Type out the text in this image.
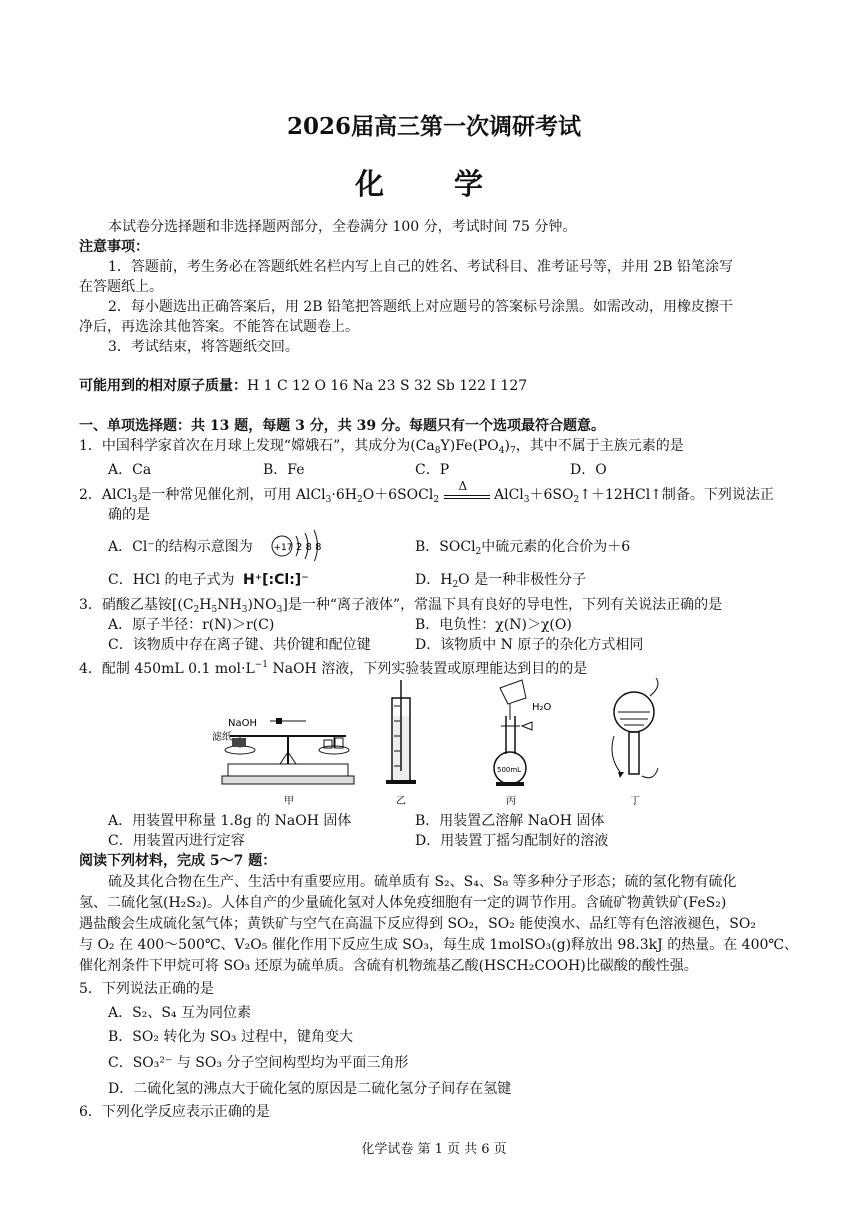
2026届高三第一次调研考试
化 学
本试卷分选择题和非选择题两部分，全卷满分 100 分，考试时间 75 分钟。
注意事项：
1．答题前，考生务必在答题纸姓名栏内写上自己的姓名、考试科目、准考证号等，并用 2B 铅笔涂写
在答题纸上。
2．每小题选出正确答案后，用 2B 铅笔把答题纸上对应题号的答案标号涂黑。如需改动，用橡皮擦干
净后，再选涂其他答案。不能答在试题卷上。
3．考试结束，将答题纸交回。
可能用到的相对原子质量：H 1 C 12 O 16 Na 23 S 32 Sb 122 I 127
一、单项选择题：共 13 题，每题 3 分，共 39 分。每题只有一个选项最符合题意。
1．中国科学家首次在月球上发现“嫦娥石”，其成分为$(Ca_8Y)Fe(PO_4)_7$，其中不属于主族元素的是
A．Ca	B．Fe	C．P	D．O
2．AlCl$_3$是一种常见催化剂，可用 $AlCl_3\cdot 6H_2O+6SOCl_2$
Δ
$AlCl_3+6SO_2↑+12HCl↑$制备。下列说法正
确的是
A．Cl⁻的结构示意图为 +17 2 8 8	B．SOCl$_2$中硫元素的化合价为＋6
C．HCl 的电子式为 H⁺[:Cl:]⁻	D．$H_2O$ 是一种非极性分子
3．硝酸乙基铵$[(C_2H_5NH_3)NO_3]$是一种“离子液体”，常温下具有良好的导电性，下列有关说法正确的是
A．原子半径：r(N)＞r(C)	B．电负性：χ(N)＞χ(O)
C．该物质中存在离子键、共价键和配位键	D．该物质中 N 原子的杂化方式相同
4．配制 450mL 0.1 $mol\cdot L^{-1}$ NaOH 溶液，下列实验装置或原理能达到目的的是
NaOH
滤纸
甲	乙
H₂O
500mL
丙	丁
A．用装置甲称量 1.8g 的 NaOH 固体	B．用装置乙溶解 NaOH 固体
C．用装置丙进行定容	D．用装置丁摇匀配制好的溶液
阅读下列材料，完成 5～7 题：
硫及其化合物在生产、生活中有重要应用。硫单质有 S₂、S₄、S₈ 等多种分子形态；硫的氢化物有硫化
氢、二硫化氢(H₂S₂)。人体自产的少量硫化氢对人体免疫细胞有一定的调节作用。含硫矿物黄铁矿(FeS₂)
遇盐酸会生成硫化氢气体；黄铁矿与空气在高温下反应得到 SO₂，SO₂ 能使溴水、品红等有色溶液褪色，SO₂
与 O₂ 在 400～500℃、V₂O₅ 催化作用下反应生成 SO₃，每生成 1molSO₃(g)释放出 98.3kJ 的热量。在 400℃、
催化剂条件下甲烷可将 SO₃ 还原为硫单质。含硫有机物巯基乙酸(HSCH₂COOH)比碳酸的酸性强。
5．下列说法正确的是
A．S₂、S₄ 互为同位素
B．SO₂ 转化为 SO₃ 过程中，键角变大
C．SO₃²⁻ 与 SO₃ 分子空间构型均为平面三角形
D．二硫化氢的沸点大于硫化氢的原因是二硫化氢分子间存在氢键
6．下列化学反应表示正确的是
化学试卷 第 1 页 共 6 页
